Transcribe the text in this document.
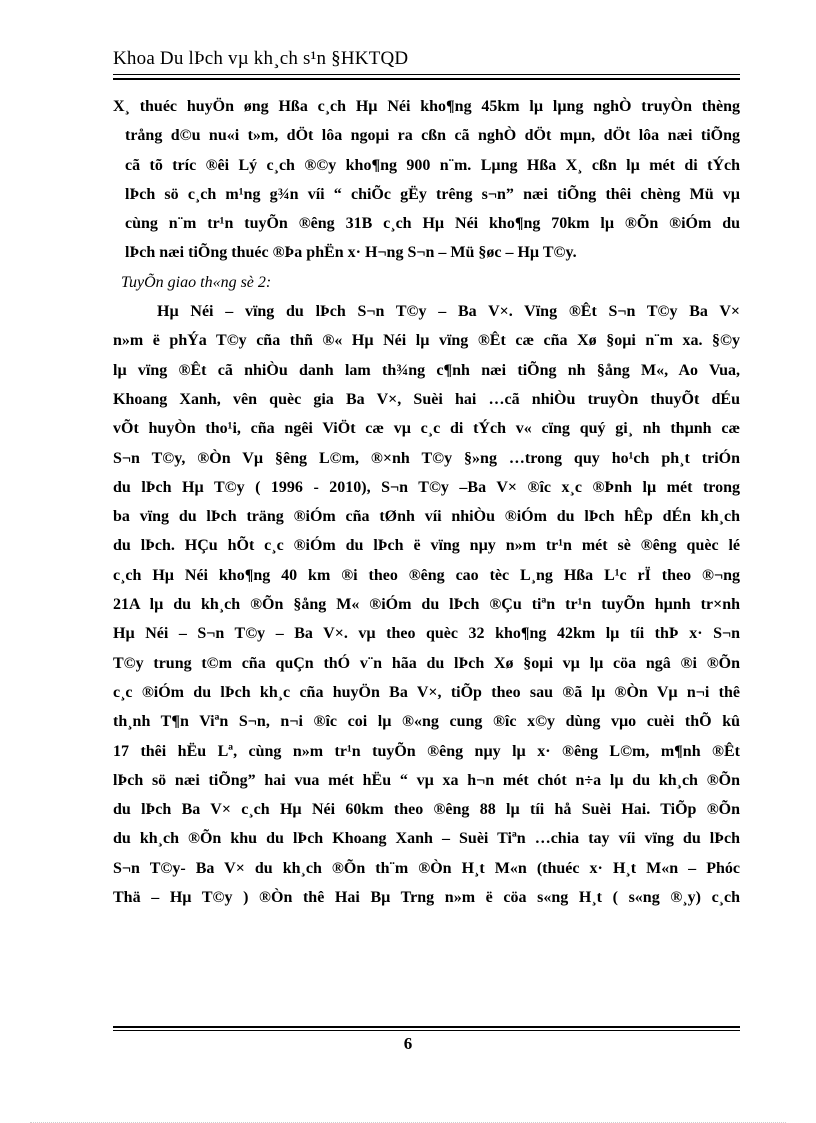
Khoa Du lÞch vµ kh¸ch s¹n §HKTQD
X¸ thuéc huyÖn øng Hßa c¸ch Hµ Néi kho¶ng 45km lµ lµng nghÒ truyÒn thèng
trång d©u nu«i t»m, dÖt lôa ngoµi ra cßn cã nghÒ dÖt mµn, dÖt lôa næi tiÕng
cã tõ tríc ®êi Lý c¸ch ®©y kho¶ng 900 n¨m. Lµng Hßa X¸ cßn lµ mét di tÝch
lÞch sö c¸ch m¹ng g¾n víi “ chiÕc gËy trêng s¬n” næi tiÕng thêi chèng Mü vµ
cùng n¨m tr¹n tuyÕn ®êng 31B c¸ch Hµ Néi kho¶ng 70km lµ ®Õn ®iÓm du
lÞch næi tiÕng thuéc ®Þa phËn x· H¬ng S¬n – Mü §øc – Hµ T©y.
TuyÕn giao th«ng sè 2:
Hµ Néi – vïng du lÞch S¬n T©y – Ba V×. Vïng ®Êt S¬n T©y Ba V×
n»m ë phÝa T©y cña thñ ®« Hµ Néi lµ vïng ®Êt cæ cña Xø §oµi n¨m xa. §©y
lµ vïng ®Êt cã nhiÒu danh lam th¾ng c¶nh næi tiÕng nh §ång M«, Ao Vua,
Khoang Xanh, vên quèc gia Ba V×, Suèi hai …cã nhiÒu truyÒn thuyÕt dÉu
vÕt huyÒn tho¹i, cña ngêi ViÖt cæ vµ c¸c di tÝch v« cïng quý gi¸ nh thµnh cæ
S¬n T©y, ®Òn Vµ §êng L©m, ®×nh T©y §»ng …trong quy ho¹ch ph¸t triÓn
du lÞch Hµ T©y ( 1996 - 2010), S¬n T©y –Ba V× ®îc x¸c ®Þnh lµ mét trong
ba vïng du lÞch träng ®iÓm cña tØnh víi nhiÒu ®iÓm du lÞch hÊp dÉn kh¸ch
du lÞch. HÇu hÕt c¸c ®iÓm du lÞch ë vïng nµy n»m tr¹n mét sè ®êng quèc lé
c¸ch Hµ Néi kho¶ng 40 km ®i theo ®êng cao tèc L¸ng Hßa L¹c rÏ theo ®¬ng
21A lµ du kh¸ch ®Õn §ång M« ®iÓm du lÞch ®Çu tiªn tr¹n tuyÕn hµnh tr×nh
Hµ Néi – S¬n T©y – Ba V×. vµ theo quèc 32 kho¶ng 42km lµ tíi thÞ x· S¬n
T©y trung t©m cña quÇn thÓ v¨n hãa du lÞch Xø §oµi vµ lµ cöa ngâ ®i ®Õn
c¸c ®iÓm du lÞch kh¸c cña huyÖn Ba V×, tiÕp theo sau ®ã lµ ®Òn Vµ n¬i thê
th¸nh T¶n Viªn S¬n, n¬i ®îc coi lµ ®«ng cung ®îc x©y dùng vµo cuèi thÕ kû
17 thêi hËu Lª, cùng n»m tr¹n tuyÕn ®êng nµy lµ x· ®êng L©m, m¶nh ®Êt
lÞch sö næi tiÕng” hai vua mét hËu “ vµ xa h¬n mét chót n÷a lµ du kh¸ch ®Õn
du lÞch Ba V× c¸ch Hµ Néi 60km theo ®êng 88 lµ tíi hå Suèi Hai. TiÕp ®Õn
du kh¸ch ®Õn khu du lÞch Khoang Xanh – Suèi Tiªn …chia tay víi vïng du lÞch
S¬n T©y- Ba V× du kh¸ch ®Õn th¨m ®Òn H¸t M«n (thuéc x· H¸t M«n – Phóc
Thä – Hµ T©y ) ®Òn thê Hai Bµ Trng n»m ë cöa s«ng H¸t ( s«ng ®¸y) c¸ch
6
